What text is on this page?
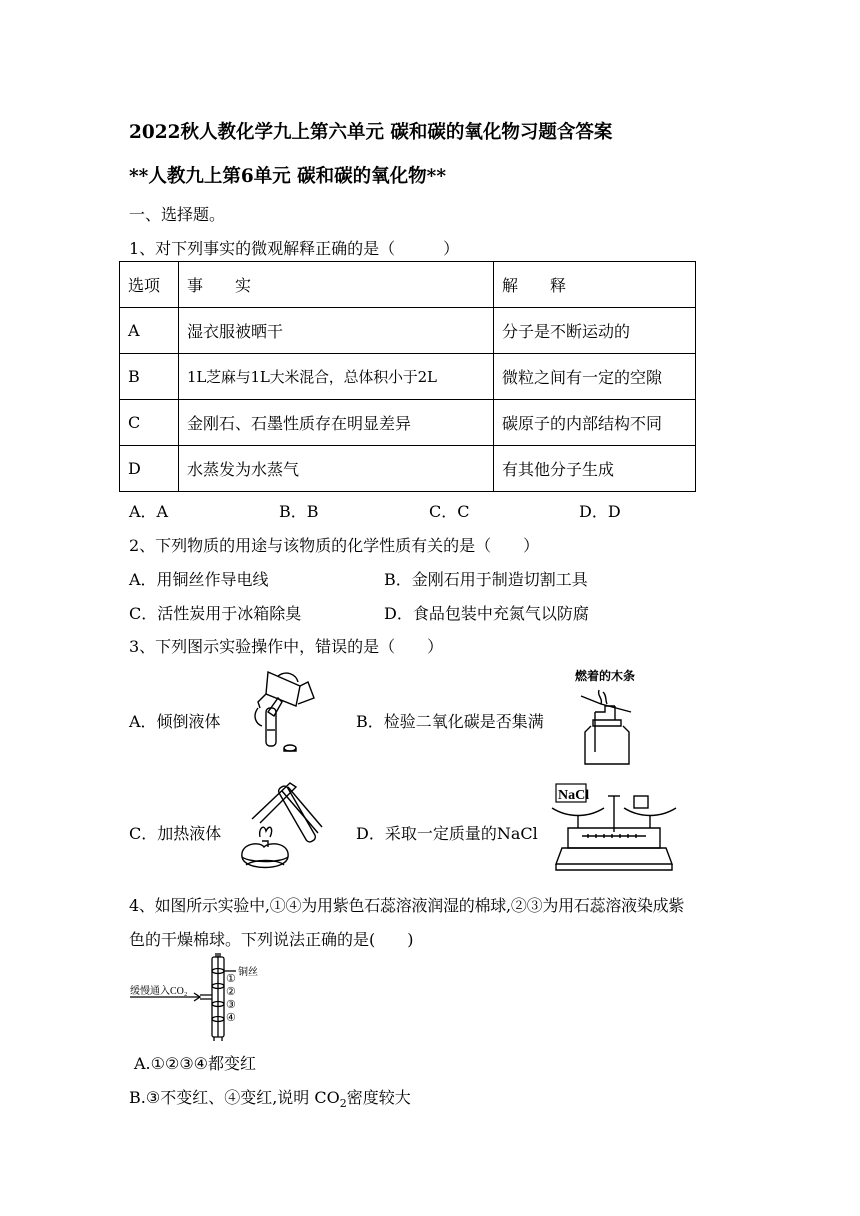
2022秋人教化学九上第六单元 碳和碳的氧化物习题含答案
**人教九上第6单元 碳和碳的氧化物**
一、选择题。
1、对下列事实的微观解释正确的是（　　　）
选项	事　　实	解　　释
A	湿衣服被晒干	分子是不断运动的
B	1L芝麻与1L大米混合，总体积小于2L	微粒之间有一定的空隙
C	金刚石、石墨性质存在明显差异	碳原子的内部结构不同
D	水蒸发为水蒸气	有其他分子生成
A．A	B．B	C．C	D．D
2、下列物质的用途与该物质的化学性质有关的是（　　）
A．用铜丝作导电线	B．金刚石用于制造切割工具
C．活性炭用于冰箱除臭	D．食品包装中充氮气以防腐
3、下列图示实验操作中，错误的是（　　）
A．倾倒液体	B．检验二氧化碳是否集满
C．加热液体	D．采取一定质量的NaCl
燃着的木条
NaCl
4、如图所示实验中,①④为用紫色石蕊溶液润湿的棉球,②③为用石蕊溶液染成紫
色的干燥棉球。下列说法正确的是(　　)
缓慢通入CO₂
铜丝
①
②
③
④
A.①②③④都变红
B.③不变红、④变红,说明 $CO_2$密度较大
